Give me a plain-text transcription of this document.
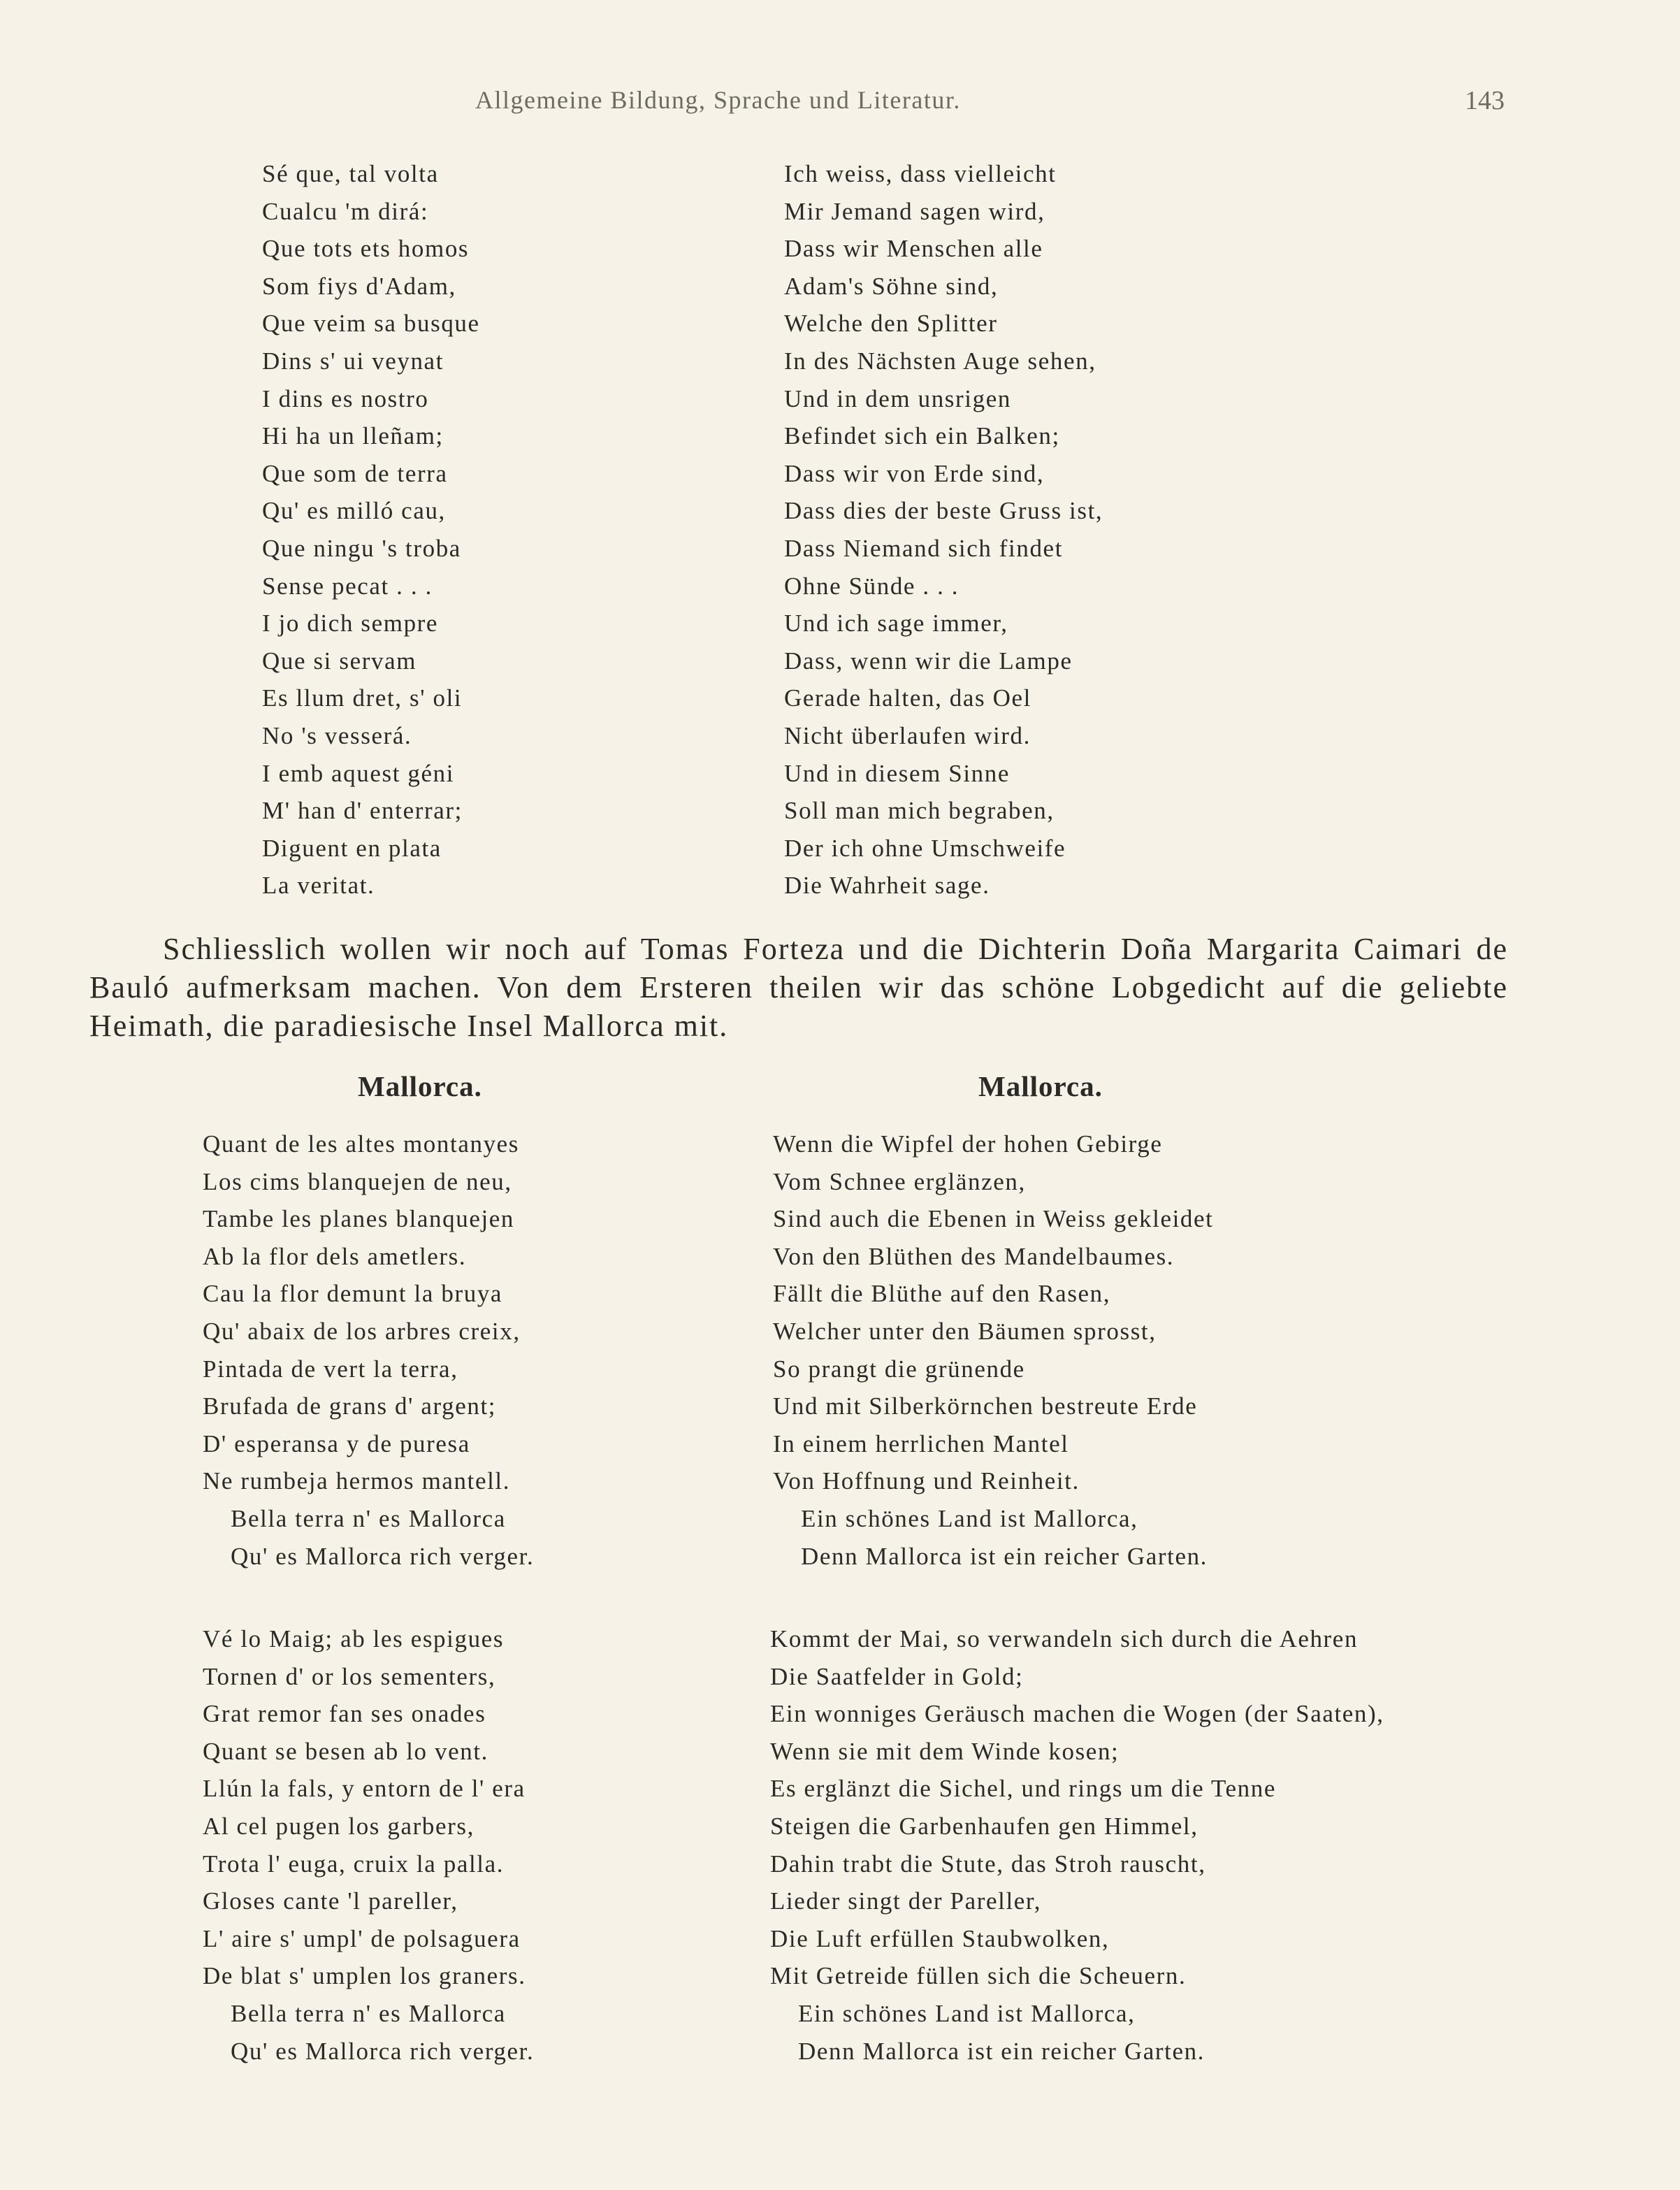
Allgemeine Bildung, Sprache und Literatur.	143
Sé que, tal volta
Cualcu 'm dirá:
Que tots ets homos
Som fiys d'Adam,
Que veim sa busque
Dins s' ui veynat
I dins es nostro
Hi ha un lleñam;
Que som de terra
Qu' es milló cau,
Que ningu 's troba
Sense pecat . . .
I jo dich sempre
Que si servam
Es llum dret, s' oli
No 's vesserá.
I emb aquest géni
M' han d' enterrar;
Diguent en plata
La veritat.
Ich weiss, dass vielleicht
Mir Jemand sagen wird,
Dass wir Menschen alle
Adam's Söhne sind,
Welche den Splitter
In des Nächsten Auge sehen,
Und in dem unsrigen
Befindet sich ein Balken;
Dass wir von Erde sind,
Dass dies der beste Gruss ist,
Dass Niemand sich findet
Ohne Sünde . . .
Und ich sage immer,
Dass, wenn wir die Lampe
Gerade halten, das Oel
Nicht überlaufen wird.
Und in diesem Sinne
Soll man mich begraben,
Der ich ohne Umschweife
Die Wahrheit sage.

Schliesslich wollen wir noch auf Tomas Forteza und die Dichterin Doña Margarita Caimari de Bauló aufmerksam machen. Von dem Ersteren theilen wir das schöne Lobgedicht auf die geliebte Heimath, die paradiesische Insel Mallorca mit.

Mallorca.	Mallorca.
Quant de les altes montanyes
Los cims blanquejen de neu,
Tambe les planes blanquejen
Ab la flor dels ametlers.
Cau la flor demunt la bruya
Qu' abaix de los arbres creix,
Pintada de vert la terra,
Brufada de grans d' argent;
D' esperansa y de puresa
Ne rumbeja hermos mantell.
Bella terra n' es Mallorca
Qu' es Mallorca rich verger.
Wenn die Wipfel der hohen Gebirge
Vom Schnee erglänzen,
Sind auch die Ebenen in Weiss gekleidet
Von den Blüthen des Mandelbaumes.
Fällt die Blüthe auf den Rasen,
Welcher unter den Bäumen sprosst,
So prangt die grünende
Und mit Silberkörnchen bestreute Erde
In einem herrlichen Mantel
Von Hoffnung und Reinheit.
Ein schönes Land ist Mallorca,
Denn Mallorca ist ein reicher Garten.
Vé lo Maig; ab les espigues
Tornen d' or los sementers,
Grat remor fan ses onades
Quant se besen ab lo vent.
Llún la fals, y entorn de l' era
Al cel pugen los garbers,
Trota l' euga, cruix la palla.
Gloses cante 'l pareller,
L' aire s' umpl' de polsaguera
De blat s' umplen los graners.
Bella terra n' es Mallorca
Qu' es Mallorca rich verger.
Kommt der Mai, so verwandeln sich durch die Aehren
Die Saatfelder in Gold;
Ein wonniges Geräusch machen die Wogen (der Saaten),
Wenn sie mit dem Winde kosen;
Es erglänzt die Sichel, und rings um die Tenne
Steigen die Garbenhaufen gen Himmel,
Dahin trabt die Stute, das Stroh rauscht,
Lieder singt der Pareller,
Die Luft erfüllen Staubwolken,
Mit Getreide füllen sich die Scheuern.
Ein schönes Land ist Mallorca,
Denn Mallorca ist ein reicher Garten.
